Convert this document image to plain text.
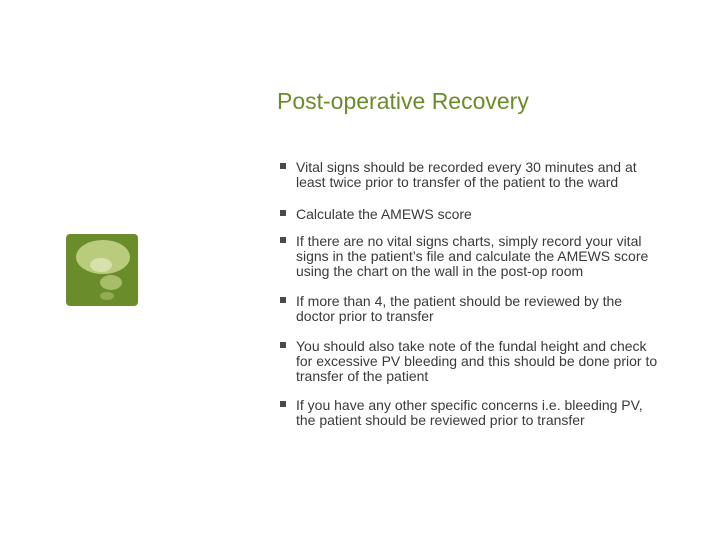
Post-operative Recovery
Vital signs should be recorded every 30 minutes and at least twice prior to transfer of the patient to the ward
Calculate the AMEWS score
If there are no vital signs charts, simply record your vital signs in the patient’s file and calculate the AMEWS score using the chart on the wall in the post-op room
If more than 4, the patient should be reviewed by the doctor prior to transfer
You should also take note of the fundal height and check for excessive PV bleeding and this should be done prior to transfer of the patient
If you have any other specific concerns i.e. bleeding PV, the patient should be reviewed prior to transfer
